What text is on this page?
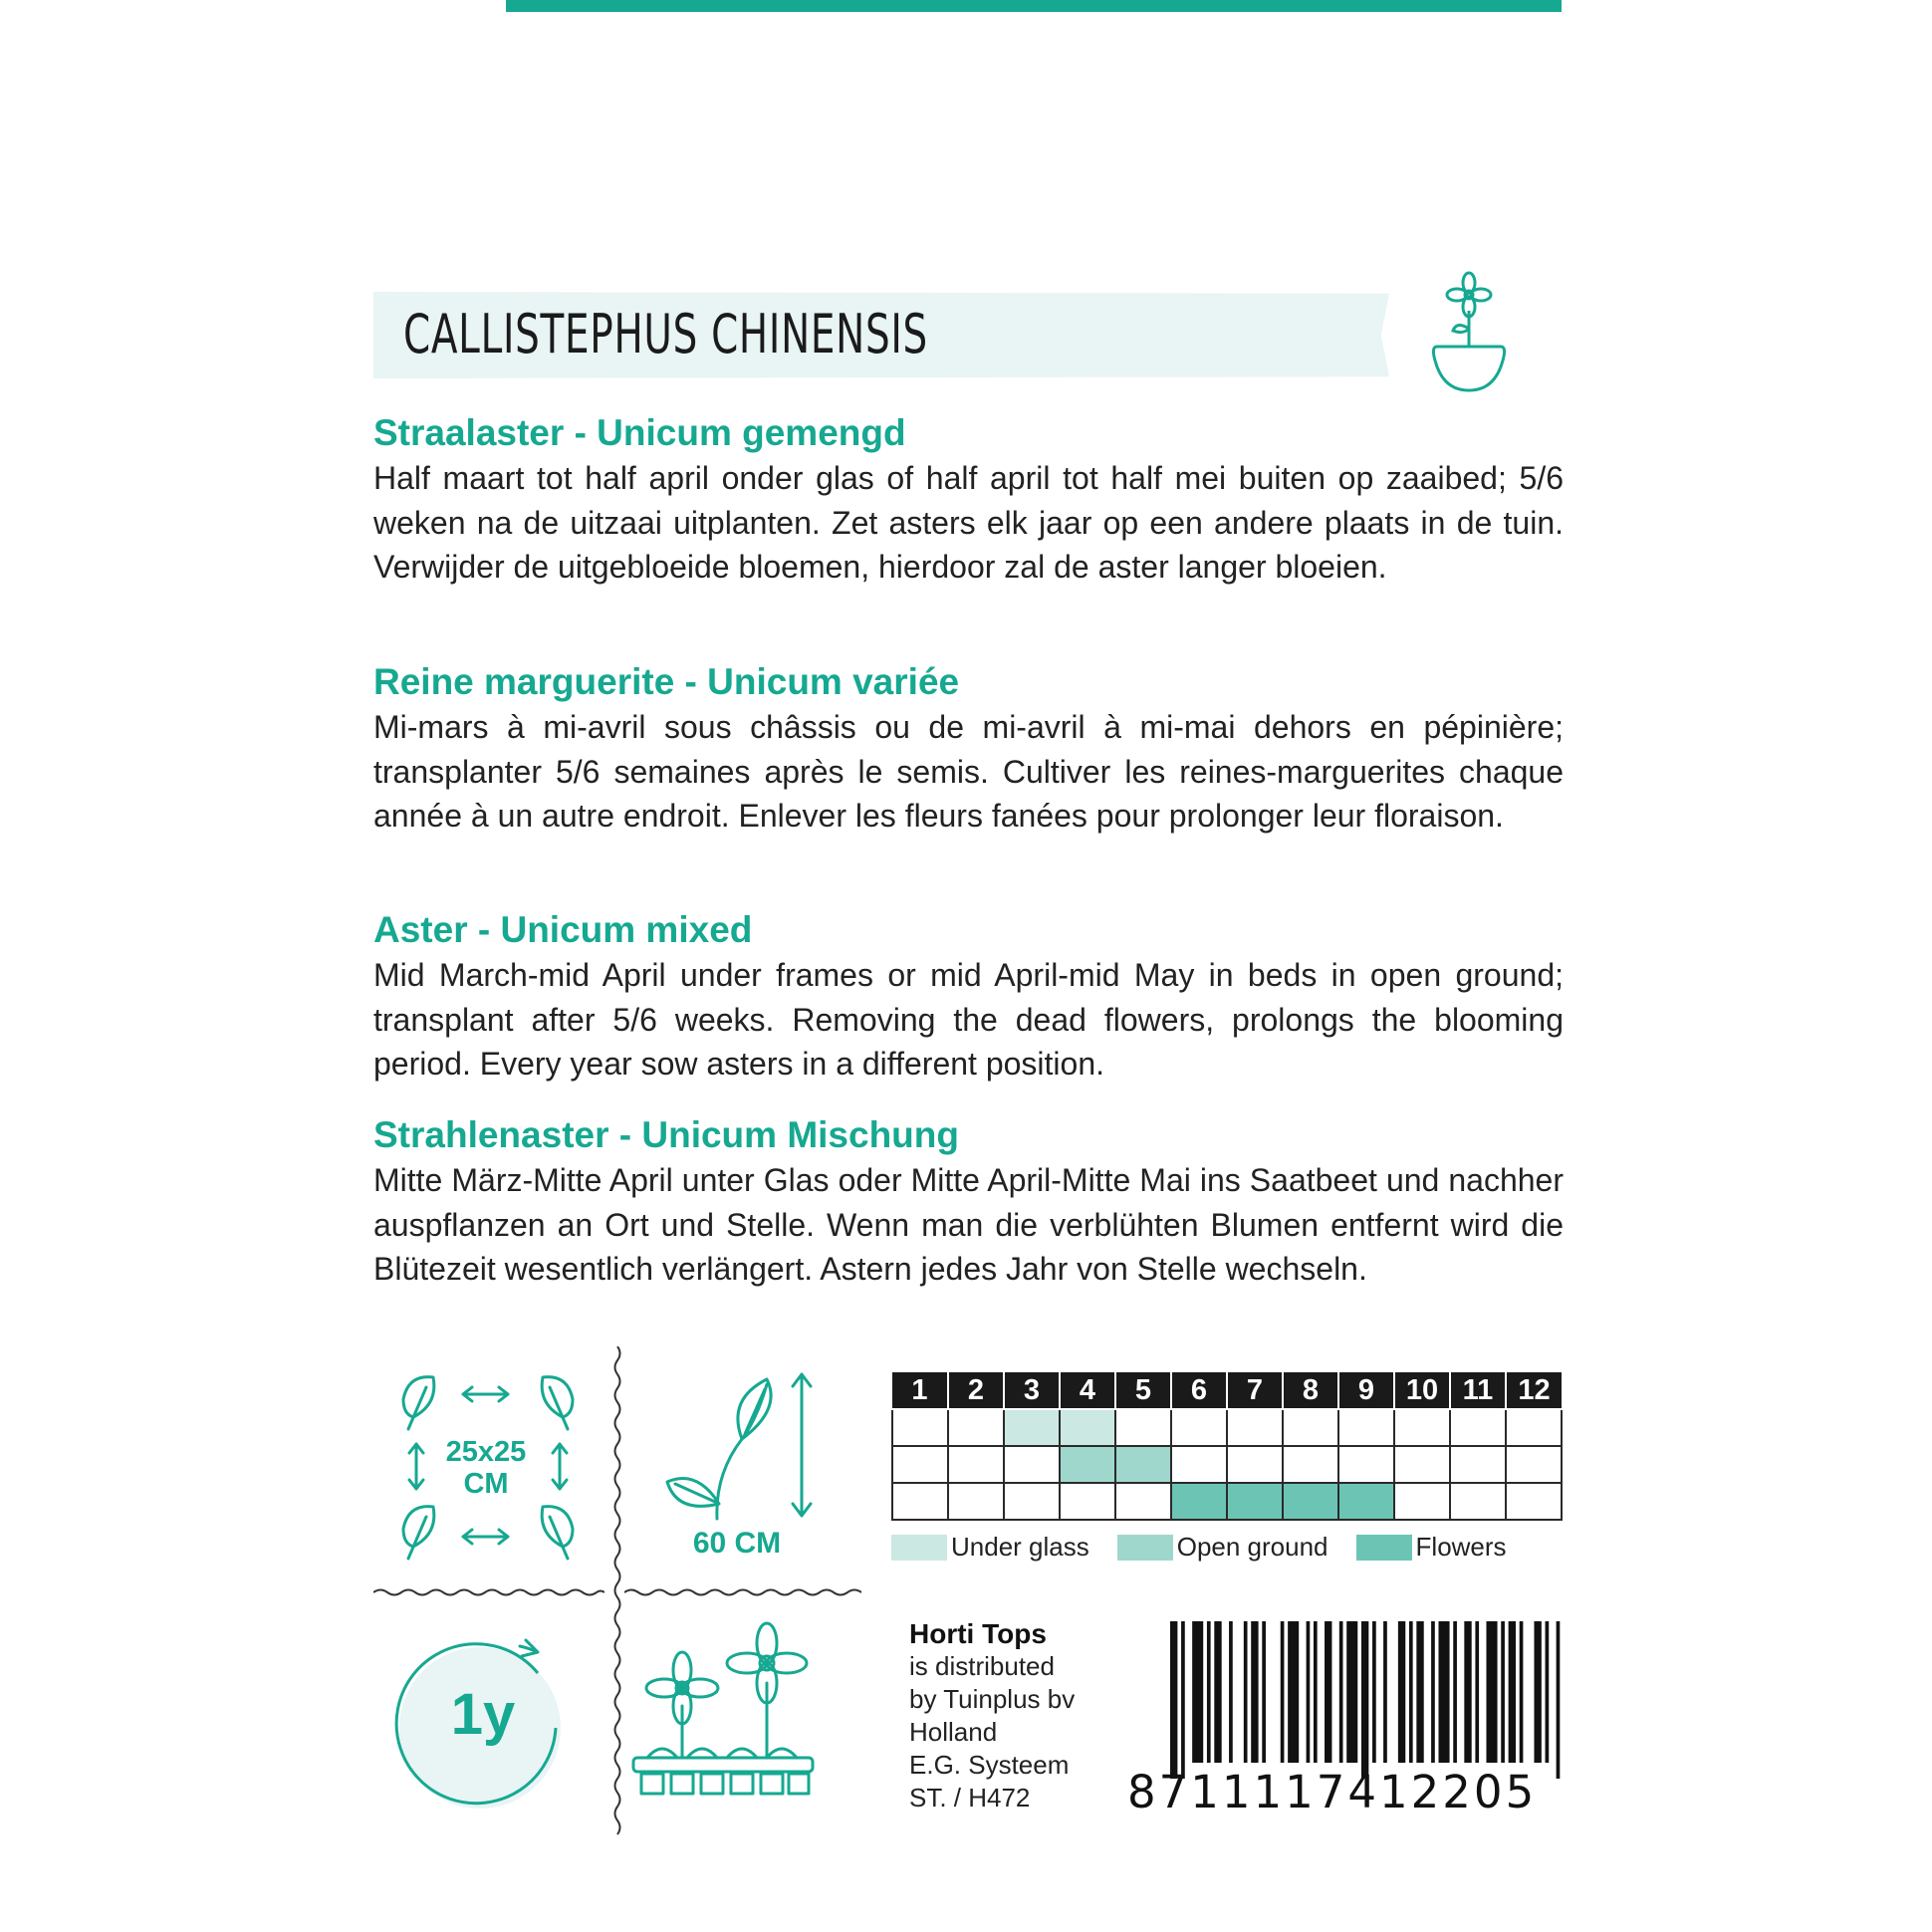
CALLISTEPHUS CHINENSIS
Straalaster - Unicum gemengd

Half maart tot half april onder glas of half april tot half mei buiten op zaaibed; 5/6 weken na de uitzaai uitplanten. Zet asters elk jaar op een andere plaats in de tuin. Verwijder de uitgebloeide bloemen, hierdoor zal de aster langer bloeien.

Reine marguerite - Unicum variée

Mi-mars à mi-avril sous châssis ou de mi-avril à mi-mai dehors en pépinière; transplanter 5/6 semaines après le semis. Cultiver les reines-marguerites chaque année à un autre endroit. Enlever les fleurs fanées pour prolonger leur floraison.

Aster - Unicum mixed

Mid March-mid April under frames or mid April-mid May in beds in open ground; transplant after 5/6 weeks. Removing the dead flowers, prolongs the blooming period. Every year sow asters in a different position.

Strahlenaster - Unicum Mischung

Mitte März-Mitte April unter Glas oder Mitte April-Mitte Mai ins Saatbeet und nachher auspflanzen an Ort und Stelle. Wenn man die verblühten Blumen entfernt wird die Blütezeit wesentlich verlängert. Astern jedes Jahr von Stelle wechseln.

25x25
CM
60 CM
1y
1	2	3	4	5	6	7	8	9	10	11	12

Under glass	Open ground	Flowers
Horti Tops
is distributed
by Tuinplus bv
Holland
E.G. Systeem
ST. / H472	8711117412205
